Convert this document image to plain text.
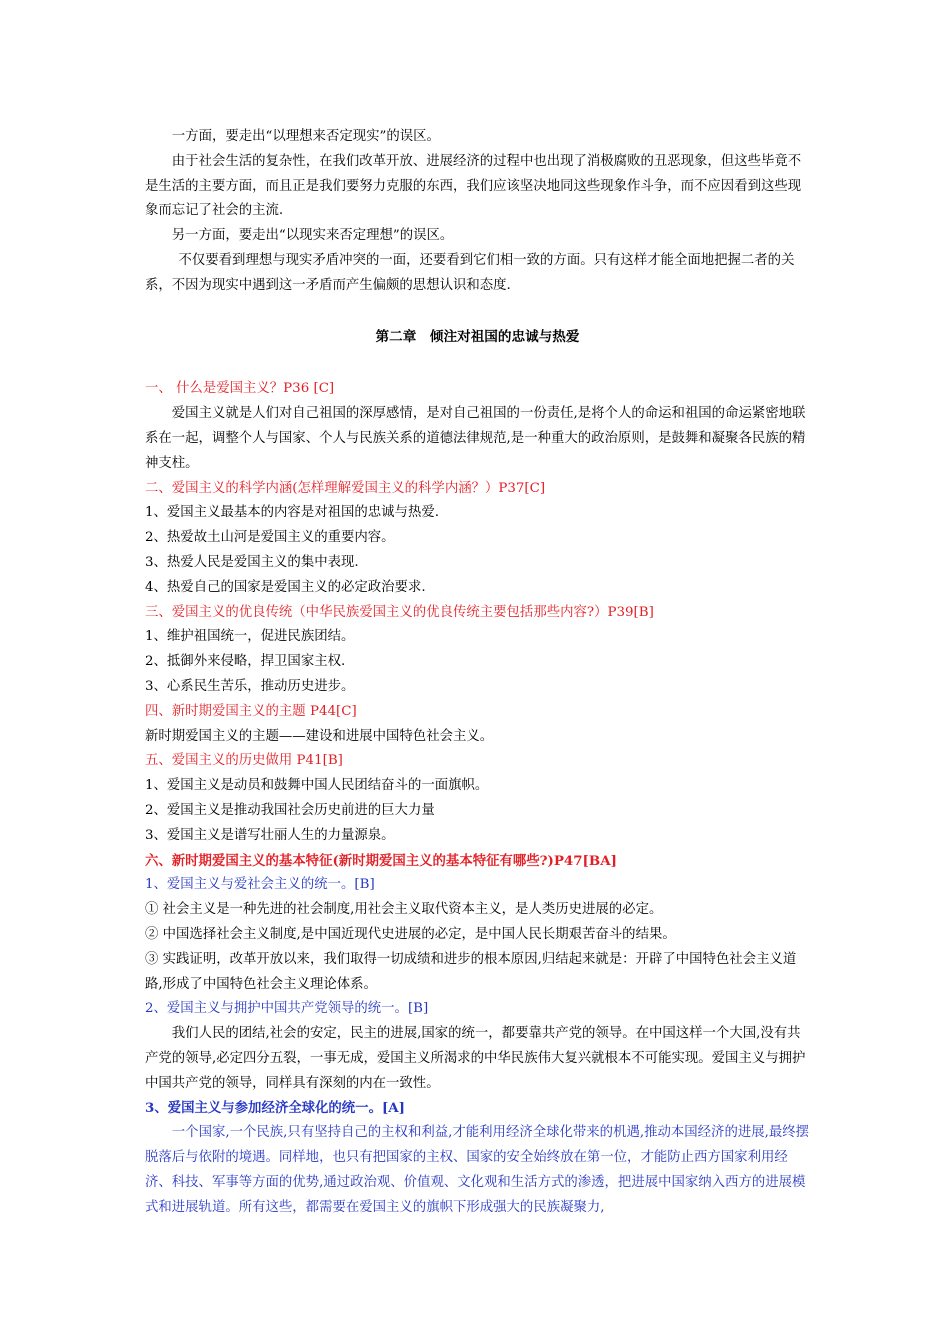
一方面，要走出“以理想来否定现实”的误区。

由于社会生活的复杂性，在我们改革开放、进展经济的过程中也出现了消极腐败的丑恶现象，但这些毕竟不是生活的主要方面，而且正是我们要努力克服的东西，我们应该坚决地同这些现象作斗争，而不应因看到这些现象而忘记了社会的主流.

另一方面，要走出“以现实来否定理想”的误区。

不仅要看到理想与现实矛盾冲突的一面，还要看到它们相一致的方面。只有这样才能全面地把握二者的关系，不因为现实中遇到这一矛盾而产生偏颇的思想认识和态度.

第二章　倾注对祖国的忠诚与热爱

一、 什么是爱国主义？P36 [C]

爱国主义就是人们对自己祖国的深厚感情，是对自己祖国的一份责任,是将个人的命运和祖国的命运紧密地联系在一起，调整个人与国家、个人与民族关系的道德法律规范,是一种重大的政治原则，是鼓舞和凝聚各民族的精神支柱。

二、爱国主义的科学内涵(怎样理解爱国主义的科学内涵？）P37[C]

1、爱国主义最基本的内容是对祖国的忠诚与热爱.

2、热爱故土山河是爱国主义的重要内容。

3、热爱人民是爱国主义的集中表现.

4、热爱自己的国家是爱国主义的必定政治要求.

三、爱国主义的优良传统（中华民族爱国主义的优良传统主要包括那些内容?）P39[B]

1、维护祖国统一，促进民族团结。

2、抵御外来侵略，捍卫国家主权.

3、心系民生苦乐，推动历史进步。

四、新时期爱国主义的主题 P44[C]

新时期爱国主义的主题——建设和进展中国特色社会主义。

五、爱国主义的历史做用 P41[B]

1、爱国主义是动员和鼓舞中国人民团结奋斗的一面旗帜。

2、爱国主义是推动我国社会历史前进的巨大力量

3、爱国主义是谱写壮丽人生的力量源泉。

六、新时期爱国主义的基本特征(新时期爱国主义的基本特征有哪些?)P47[BA]

1、爱国主义与爱社会主义的统一。[B]

① 社会主义是一种先进的社会制度,用社会主义取代资本主义，是人类历史进展的必定。

② 中国选择社会主义制度,是中国近现代史进展的必定，是中国人民长期艰苦奋斗的结果。

③ 实践证明，改革开放以来，我们取得一切成绩和进步的根本原因,归结起来就是：开辟了中国特色社会主义道路,形成了中国特色社会主义理论体系。

2、爱国主义与拥护中国共产党领导的统一。[B]

我们人民的团结,社会的安定，民主的进展,国家的统一，都要靠共产党的领导。在中国这样一个大国,没有共产党的领导,必定四分五裂，一事无成，爱国主义所渴求的中华民族伟大复兴就根本不可能实现。爱国主义与拥护中国共产党的领导，同样具有深刻的内在一致性。

3、爱国主义与参加经济全球化的统一。[A]

一个国家,一个民族,只有坚持自己的主权和利益,才能利用经济全球化带来的机遇,推动本国经济的进展,最终摆脱落后与依附的境遇。同样地，也只有把国家的主权、国家的安全始终放在第一位，才能防止西方国家利用经济、科技、军事等方面的优势,通过政治观、价值观、文化观和生活方式的渗透，把进展中国家纳入西方的进展模式和进展轨道。所有这些，都需要在爱国主义的旗帜下形成强大的民族凝聚力,
